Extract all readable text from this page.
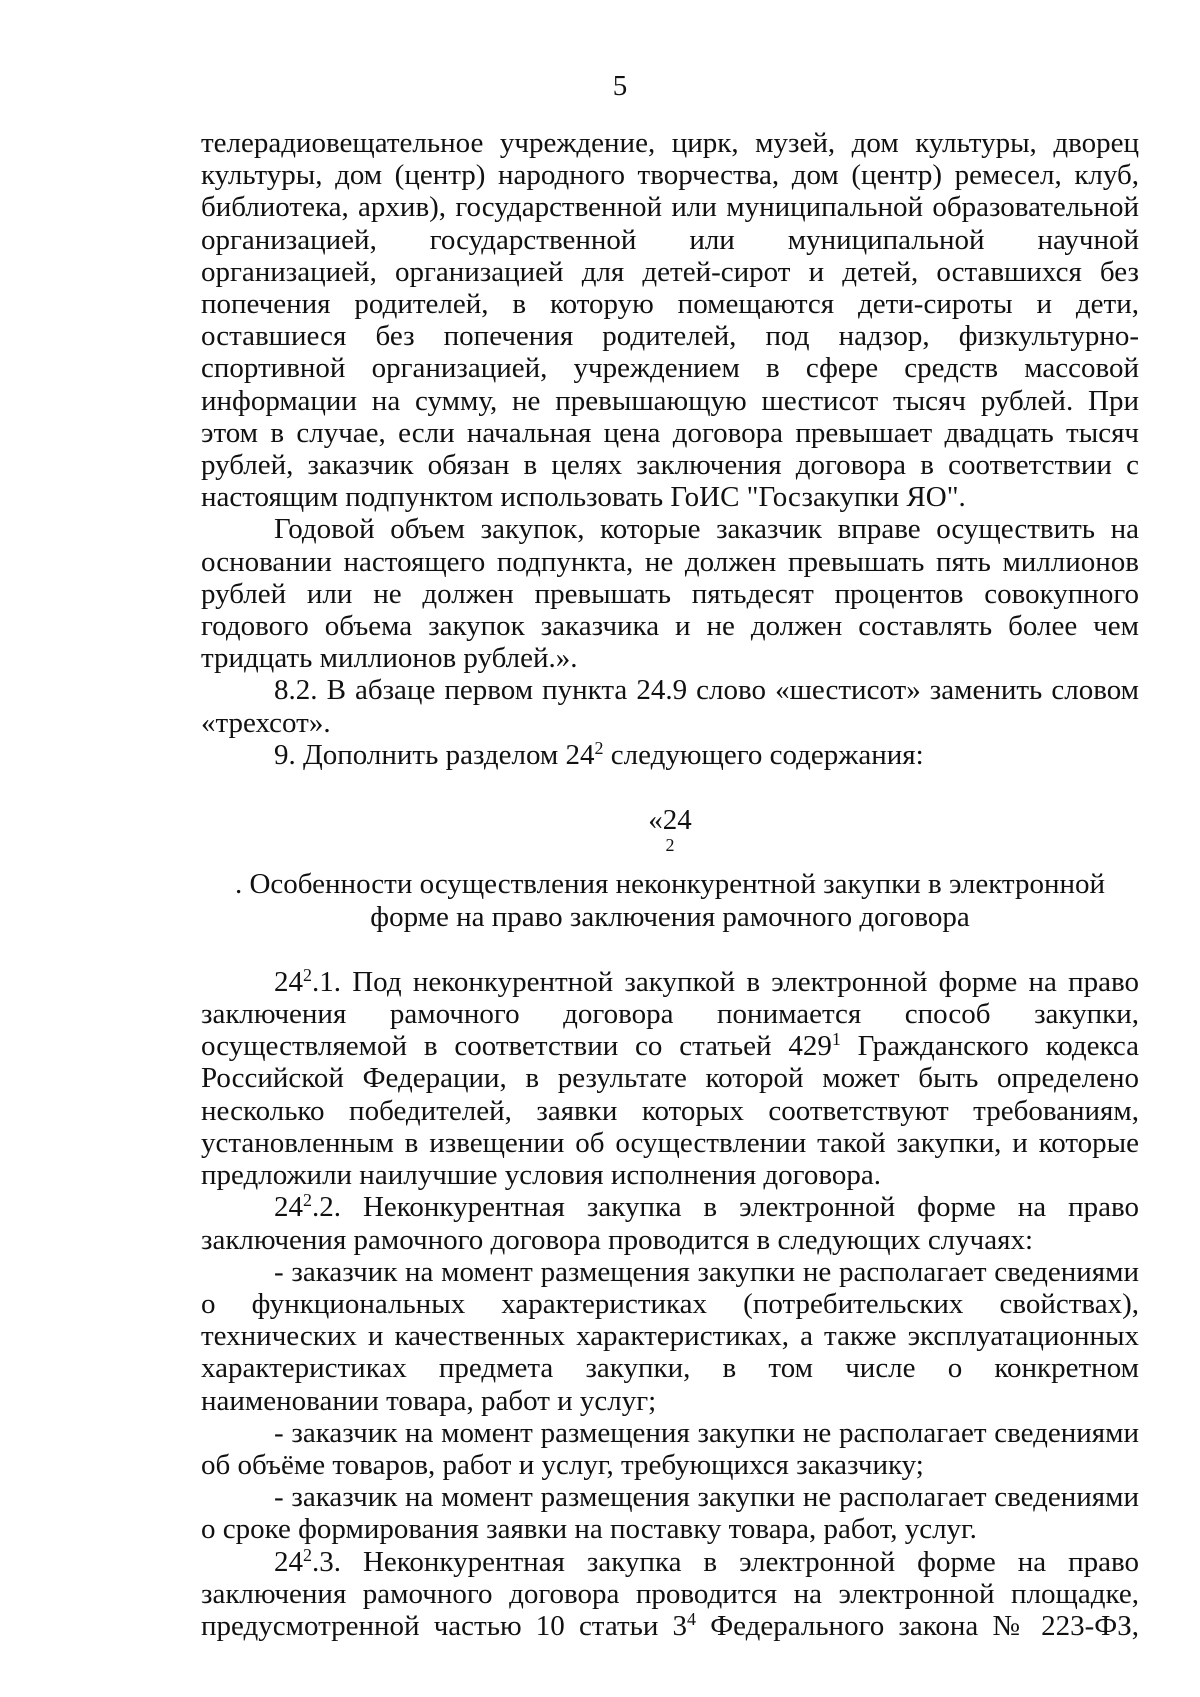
5

телерадиовещательное учреждение, цирк, музей, дом культуры, дворец культуры, дом (центр) народного творчества, дом (центр) ремесел, клуб, библиотека, архив), государственной или муниципальной образовательной организацией, государственной или муниципальной научной организацией, организацией для детей-сирот и детей, оставшихся без попечения родителей, в которую помещаются дети-сироты и дети, оставшиеся без попечения родителей, под надзор, физкультурно-спортивной организацией, учреждением в сфере средств массовой информации на сумму, не превышающую шестисот тысяч рублей. При этом в случае, если начальная цена договора превышает двадцать тысяч рублей, заказчик обязан в целях заключения договора в соответствии с настоящим подпунктом использовать ГоИС "Госзакупки ЯО".

Годовой объем закупок, которые заказчик вправе осуществить на основании настоящего подпункта, не должен превышать пять миллионов рублей или не должен превышать пятьдесят процентов совокупного годового объема закупок заказчика и не должен составлять более чем тридцать миллионов рублей.».

8.2. В абзаце первом пункта 24.9 слово «шестисот» заменить словом «трехсот».

9. Дополнить разделом $24^2$ следующего содержания:

«24
$^2$
. Особенности осуществления неконкурентной закупки в электронной
форме на право заключения рамочного договора

$24^2.1$. Под неконкурентной закупкой в электронной форме на право заключения рамочного договора понимается способ закупки, осуществляемой в соответствии со статьей $429^1$ Гражданского кодекса Российской Федерации, в результате которой может быть определено несколько победителей, заявки которых соответствуют требованиям, установленным в извещении об осуществлении такой закупки, и которые предложили наилучшие условия исполнения договора.

$24^2.2$. Неконкурентная закупка в электронной форме на право заключения рамочного договора проводится в следующих случаях:

- заказчик на момент размещения закупки не располагает сведениями о функциональных характеристиках (потребительских свойствах), технических и качественных характеристиках, а также эксплуатационных характеристиках предмета закупки, в том числе о конкретном наименовании товара, работ и услуг;

- заказчик на момент размещения закупки не располагает сведениями об объёме товаров, работ и услуг, требующихся заказчику;

- заказчик на момент размещения закупки не располагает сведениями о сроке формирования заявки на поставку товара, работ, услуг.

$24^2.3$. Неконкурентная закупка в электронной форме на право заключения рамочного договора проводится на электронной площадке, предусмотренной частью 10 статьи $3^4$ Федерального закона № 223-ФЗ,
